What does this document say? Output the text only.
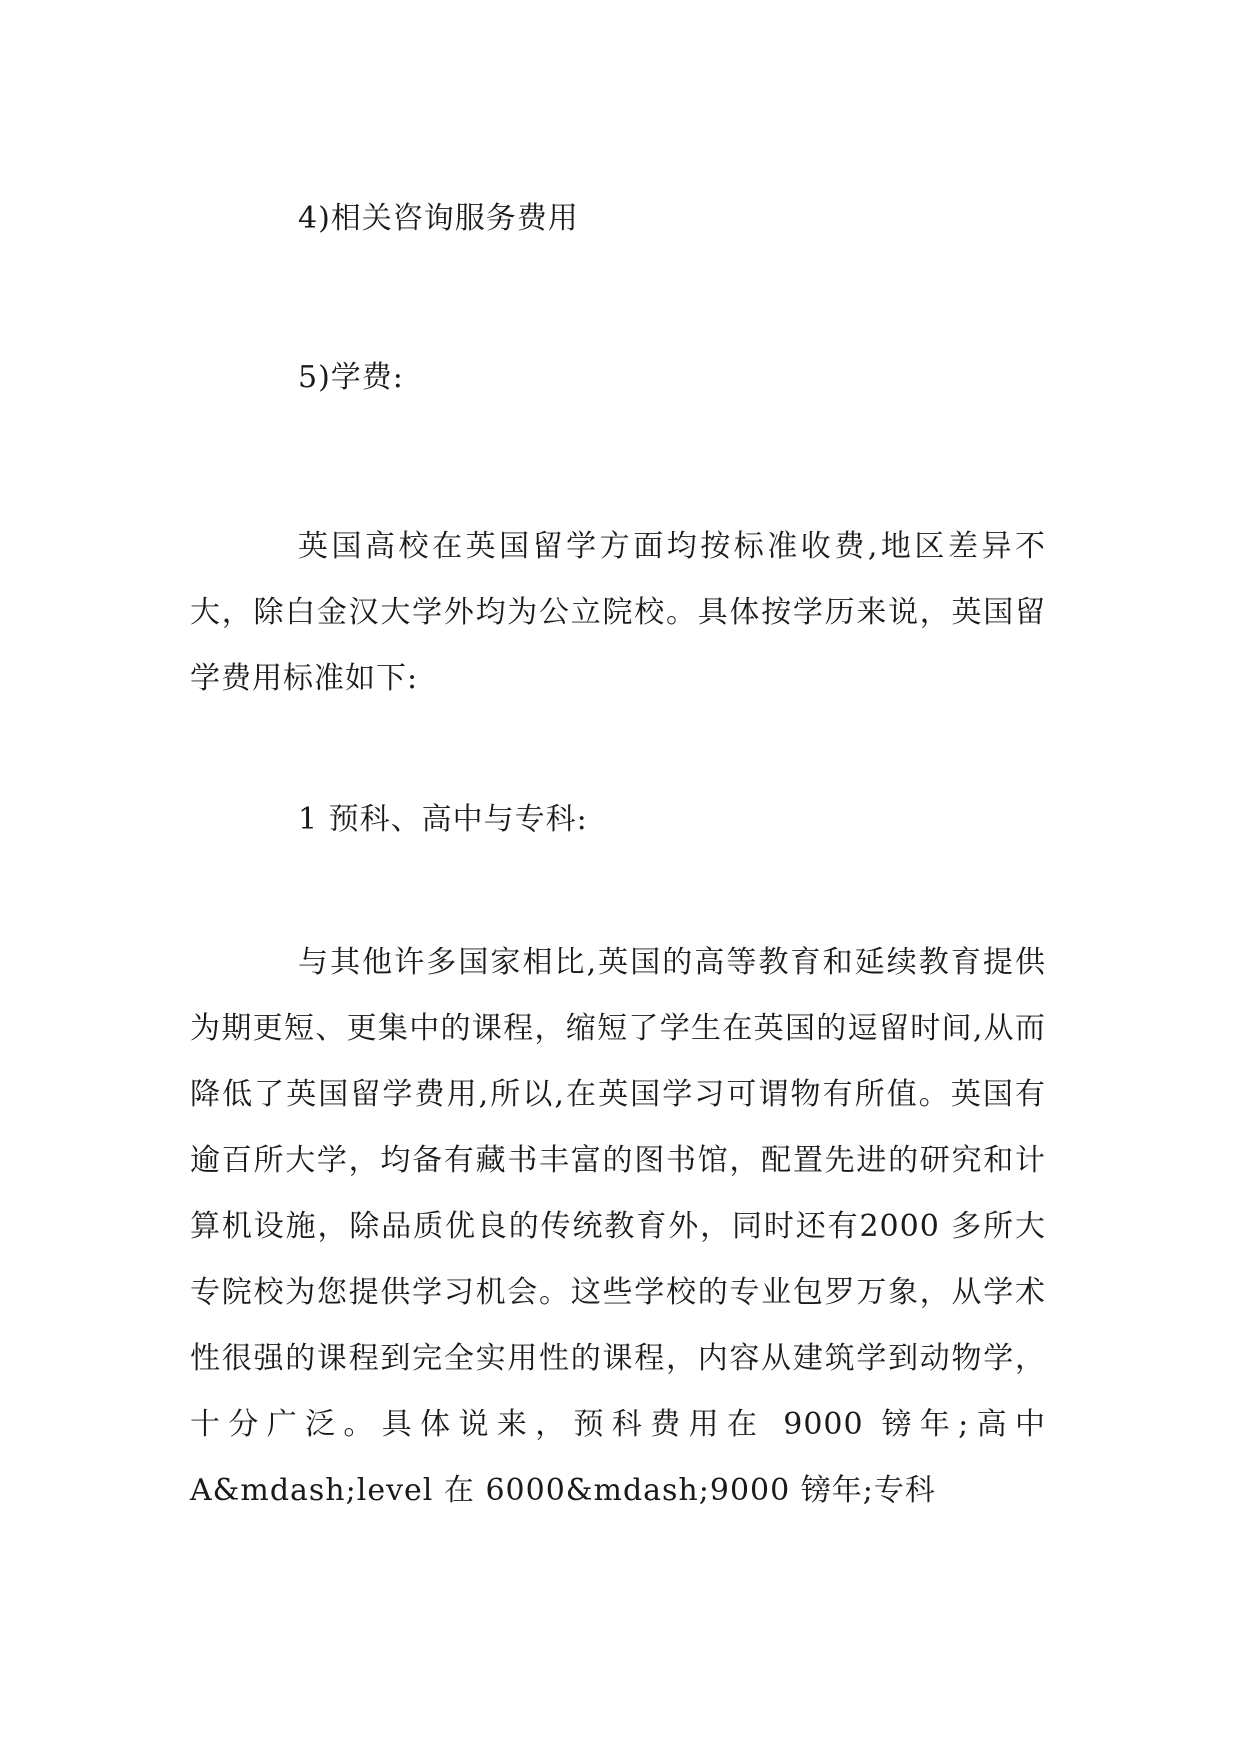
4)相关咨询服务费用
5)学费:
英国高校在英国留学方面均按标准收费,地区差异不大，除白金汉大学外均为公立院校。具体按学历来说，英国留学费用标准如下:
1 预科、高中与专科:
与其他许多国家相比,英国的高等教育和延续教育提供为期更短、更集中的课程，缩短了学生在英国的逗留时间,从而降低了英国留学费用,所以,在英国学习可谓物有所值。英国有逾百所大学，均备有藏书丰富的图书馆，配置先进的研究和计算机设施，除品质优良的传统教育外，同时还有2000 多所大专院校为您提供学习机会。这些学校的专业包罗万象，从学术性很强的课程到完全实用性的课程，内容从建筑学到动物学，十分广泛。具体说来，预科费用在 9000 镑年;高中 A&mdash;level 在 6000&mdash;9000 镑年;专科
